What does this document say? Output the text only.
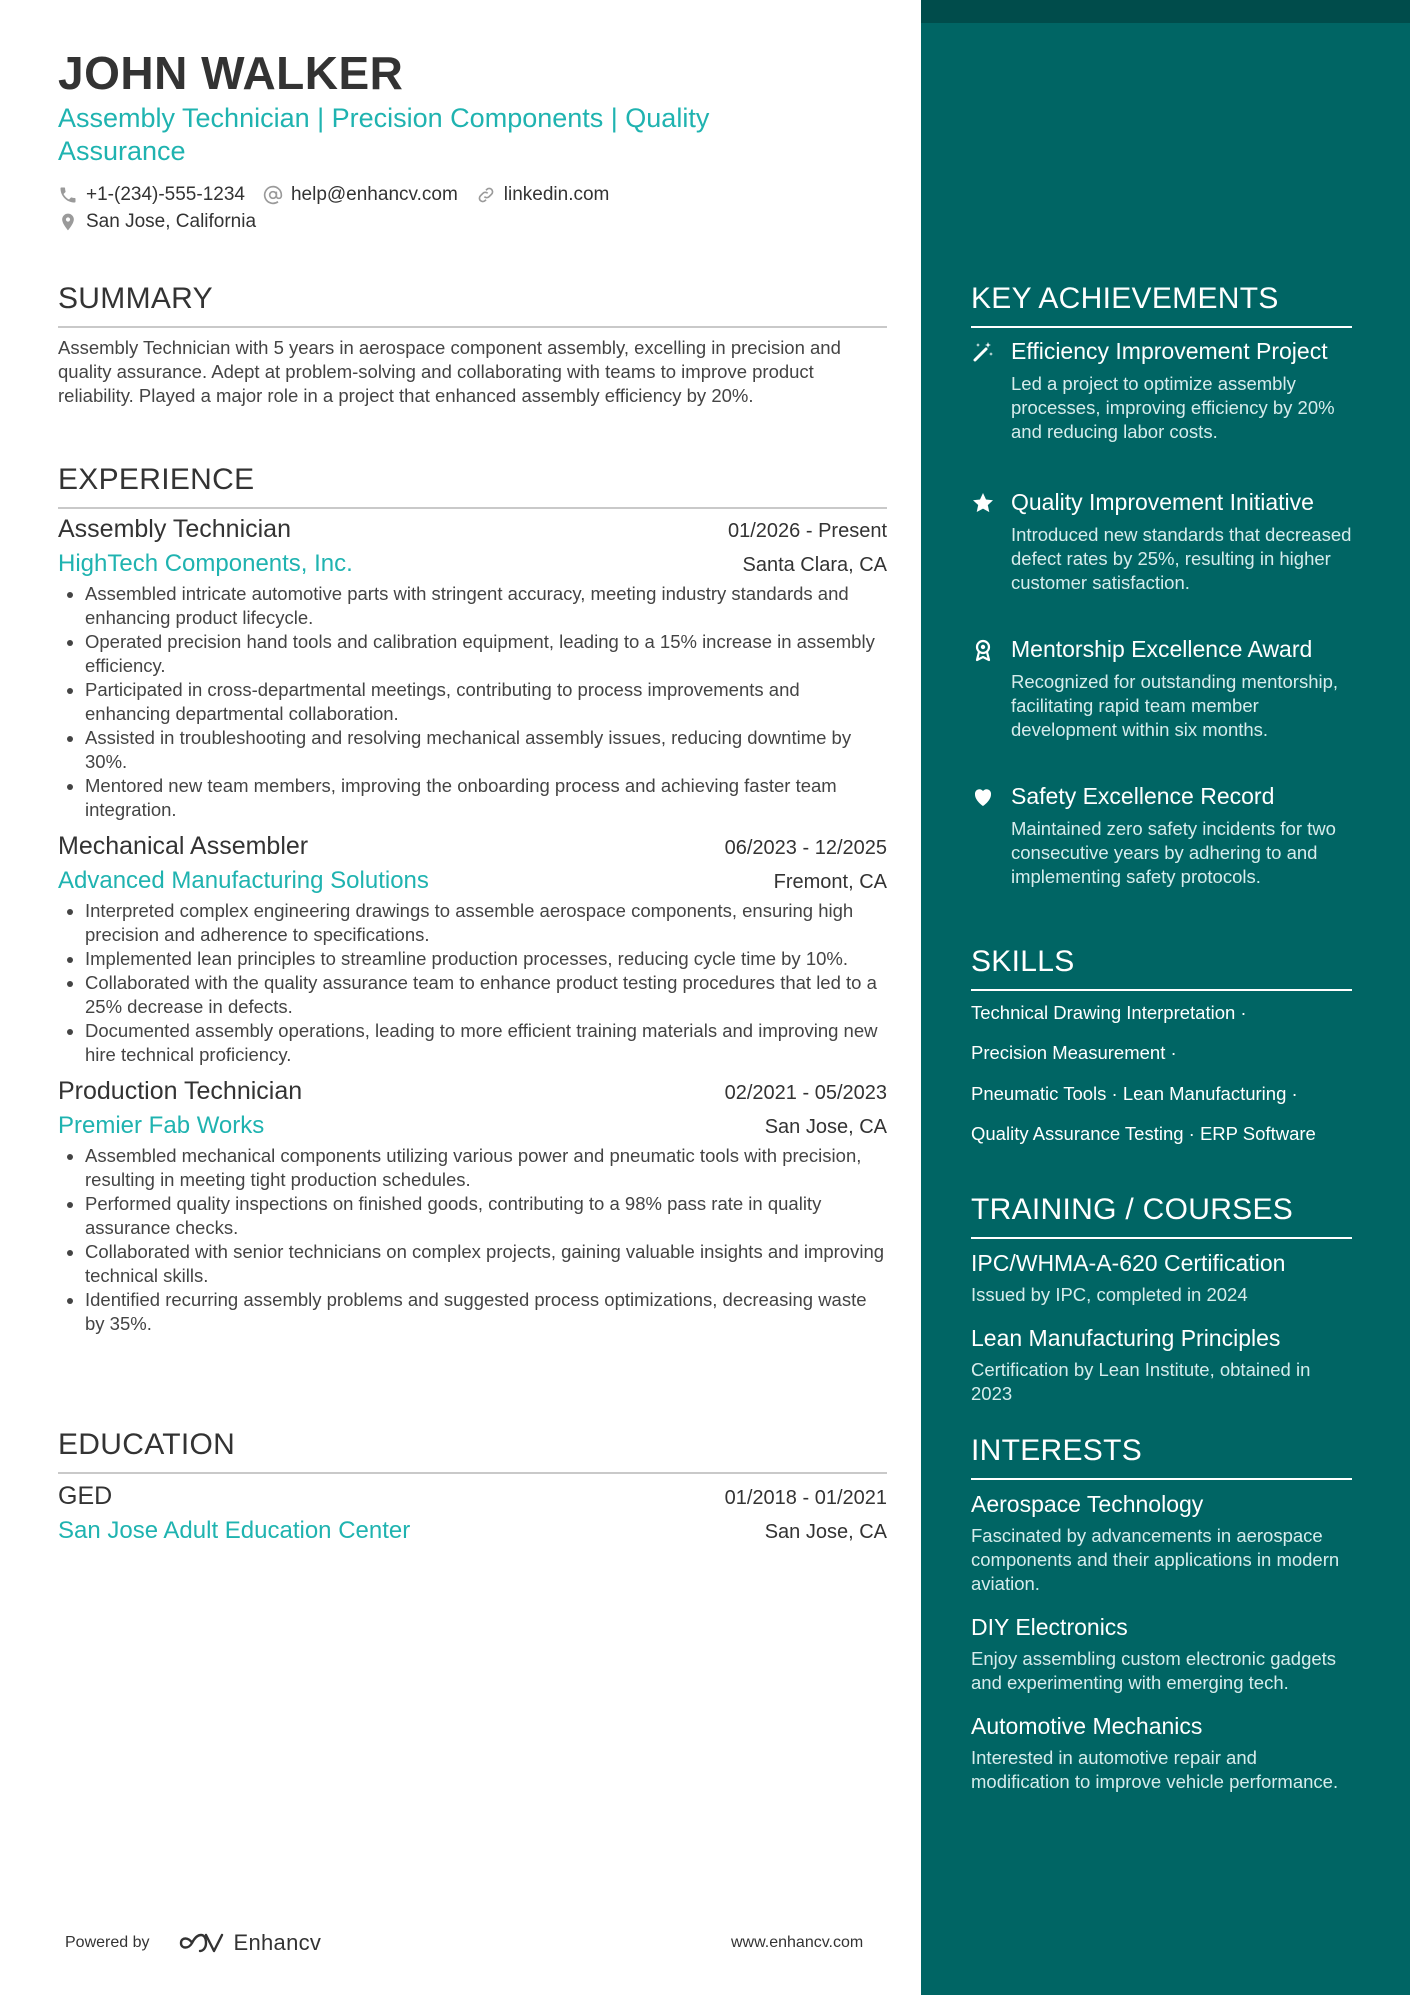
JOHN WALKER
Assembly Technician | Precision Components | Quality Assurance
+1-(234)-555-1234 help@enhancv.com linkedin.com
San Jose, California
SUMMARY
Assembly Technician with 5 years in aerospace component assembly, excelling in precision and quality assurance. Adept at problem-solving and collaborating with teams to improve product reliability. Played a major role in a project that enhanced assembly efficiency by 20%.
EXPERIENCE
Assembly Technician	01/2026 - Present
HighTech Components, Inc.	Santa Clara, CA
• Assembled intricate automotive parts with stringent accuracy, meeting industry standards and enhancing product lifecycle.
• Operated precision hand tools and calibration equipment, leading to a 15% increase in assembly efficiency.
• Participated in cross-departmental meetings, contributing to process improvements and enhancing departmental collaboration.
• Assisted in troubleshooting and resolving mechanical assembly issues, reducing downtime by 30%.
• Mentored new team members, improving the onboarding process and achieving faster team integration.
Mechanical Assembler	06/2023 - 12/2025
Advanced Manufacturing Solutions	Fremont, CA
• Interpreted complex engineering drawings to assemble aerospace components, ensuring high precision and adherence to specifications.
• Implemented lean principles to streamline production processes, reducing cycle time by 10%.
• Collaborated with the quality assurance team to enhance product testing procedures that led to a 25% decrease in defects.
• Documented assembly operations, leading to more efficient training materials and improving new hire technical proficiency.
Production Technician	02/2021 - 05/2023
Premier Fab Works	San Jose, CA
• Assembled mechanical components utilizing various power and pneumatic tools with precision, resulting in meeting tight production schedules.
• Performed quality inspections on finished goods, contributing to a 98% pass rate in quality assurance checks.
• Collaborated with senior technicians on complex projects, gaining valuable insights and improving technical skills.
• Identified recurring assembly problems and suggested process optimizations, decreasing waste by 35%.
EDUCATION
GED	01/2018 - 01/2021
San Jose Adult Education Center	San Jose, CA
Powered by	Enhancv	www.enhancv.com
KEY ACHIEVEMENTS
Efficiency Improvement Project
Led a project to optimize assembly processes, improving efficiency by 20% and reducing labor costs.
Quality Improvement Initiative
Introduced new standards that decreased defect rates by 25%, resulting in higher customer satisfaction.
Mentorship Excellence Award
Recognized for outstanding mentorship, facilitating rapid team member development within six months.
Safety Excellence Record
Maintained zero safety incidents for two consecutive years by adhering to and implementing safety protocols.
SKILLS
Technical Drawing Interpretation ·
Precision Measurement ·
Pneumatic Tools · Lean Manufacturing ·
Quality Assurance Testing · ERP Software
TRAINING / COURSES
IPC/WHMA-A-620 Certification
Issued by IPC, completed in 2024
Lean Manufacturing Principles
Certification by Lean Institute, obtained in 2023
INTERESTS
Aerospace Technology
Fascinated by advancements in aerospace components and their applications in modern aviation.
DIY Electronics
Enjoy assembling custom electronic gadgets and experimenting with emerging tech.
Automotive Mechanics
Interested in automotive repair and modification to improve vehicle performance.
